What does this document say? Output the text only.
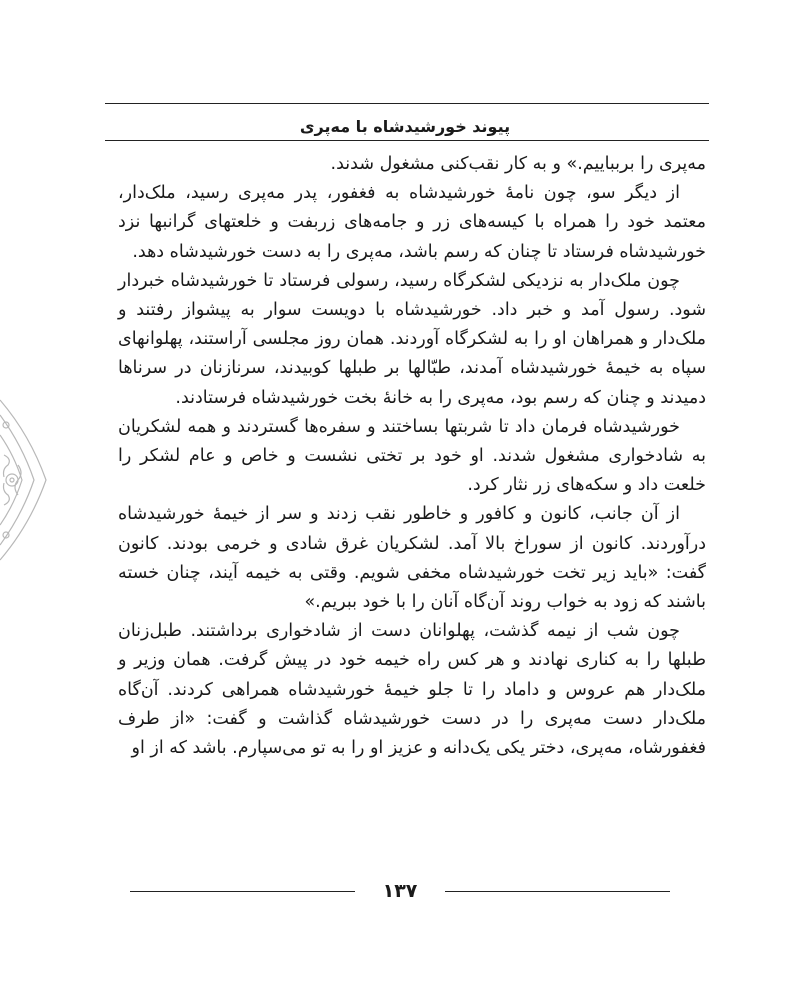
پیوند خورشیدشاه با مه‌پری

مه‌پری را بربباییم.» و به کار نقب‌کنی مشغول شدند.

از دیگر سو، چون نامهٔ خورشیدشاه به فغفور، پدر مه‌پری رسید، ملک‌دار، معتمد خود را همراه با کیسه‌های زر و جامه‌های زربفت و خلعتهای گرانبها نزد خورشیدشاه فرستاد تا چنان که رسم باشد، مه‌پری را به دست خورشیدشاه دهد.

چون ملک‌دار به نزدیکی لشکرگاه رسید، رسولی فرستاد تا خورشیدشاه خبردار شود. رسول آمد و خبر داد. خورشیدشاه با دویست سوار به پیشواز رفتند و ملک‌دار و همراهان او را به لشکرگاه آوردند. همان روز مجلسی آراستند، پهلوانهای سپاه به خیمهٔ خورشیدشاه آمدند، طبّالها بر طبلها کوبیدند، سرنازنان در سرناها دمیدند و چنان که رسم بود، مه‌پری را به خانهٔ بخت خورشیدشاه فرستادند.

خورشیدشاه فرمان داد تا شربتها بساختند و سفره‌ها گستردند و همه لشکریان به شادخواری مشغول شدند. او خود بر تختی نشست و خاص و عام لشکر را خلعت داد و سکه‌های زر نثار کرد.

از آن جانب، کانون و کافور و خاطور نقب زدند و سر از خیمهٔ خورشیدشاه درآوردند. کانون از سوراخ بالا آمد. لشکریان غرق شادی و خرمی بودند. کانون گفت: «باید زیر تخت خورشیدشاه مخفی شویم. وقتی به خیمه آیند، چنان خسته باشند که زود به خواب روند آن‌گاه آنان را با خود ببریم.»

چون شب از نیمه گذشت، پهلوانان دست از شادخواری برداشتند. طبل‌زنان طبلها را به کناری نهادند و هر کس راه خیمه خود در پیش گرفت. همان وزیر و ملک‌دار هم عروس و داماد را تا جلو خیمهٔ خورشیدشاه همراهی کردند. آن‌گاه ملک‌دار دست مه‌پری را در دست خورشیدشاه گذاشت و گفت: «از طرف فغفورشاه، مه‌پری، دختر یکی یک‌دانه و عزیز او را به تو می‌سپارم. باشد که از او

۱۳۷
